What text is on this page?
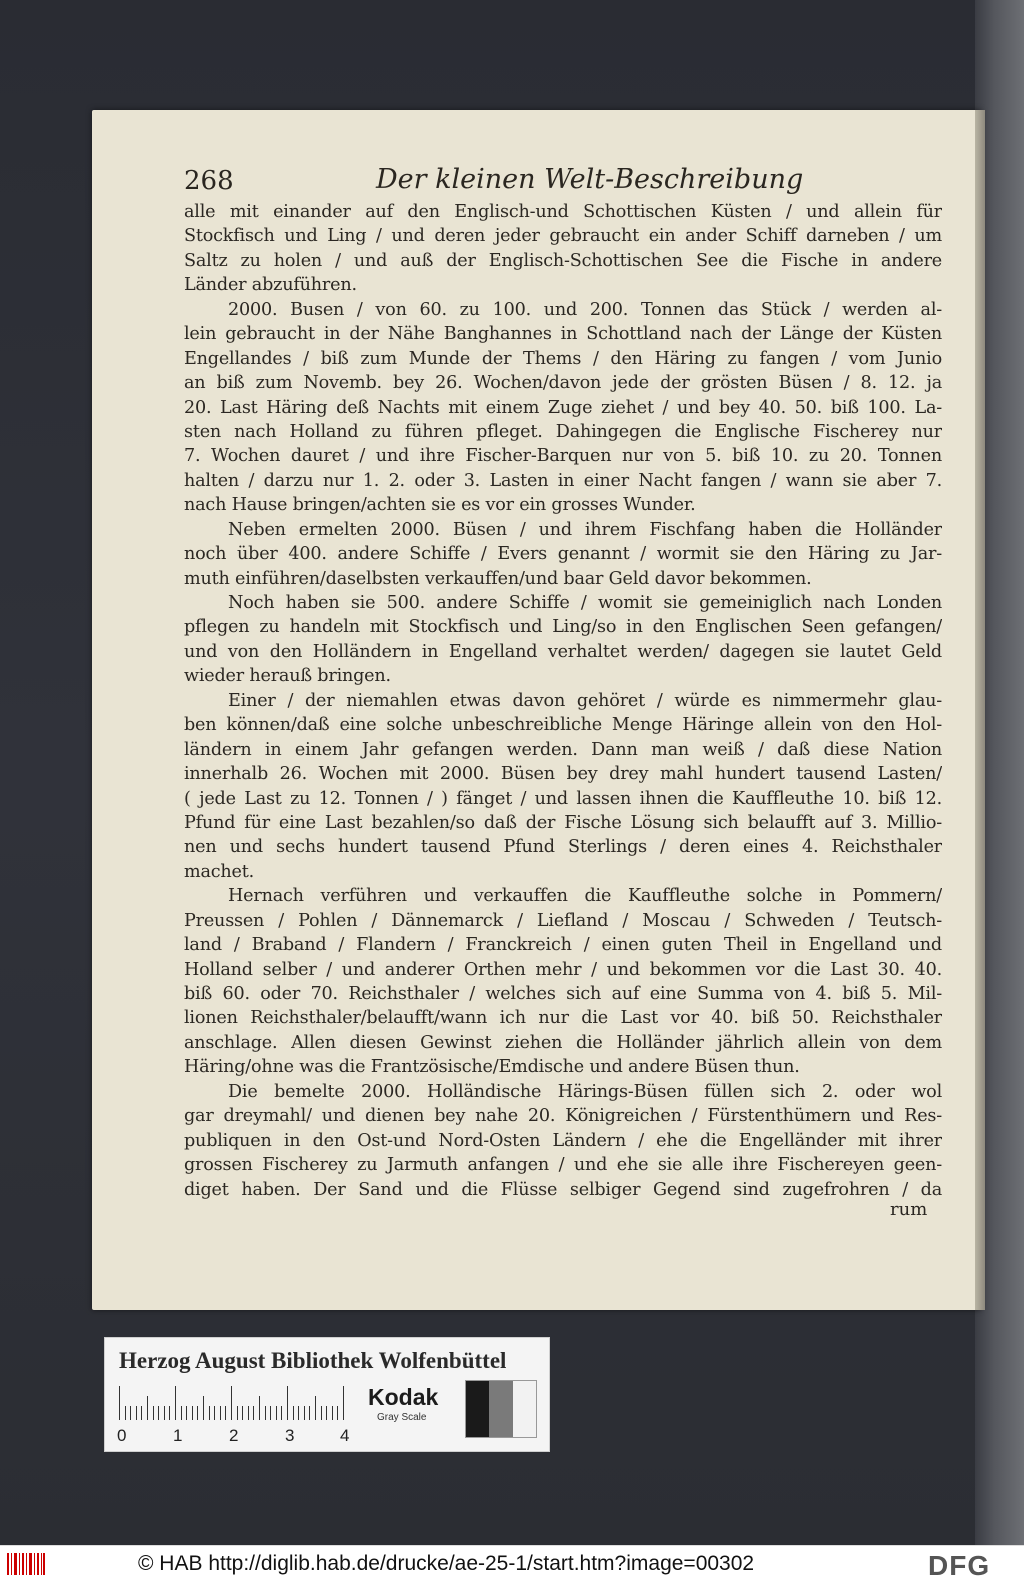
268	Der kleinen Welt-Beschreibung
alle mit einander auf den Englisch-und Schottischen Küsten / und allein für
Stockfisch und Ling / und deren jeder gebraucht ein ander Schiff darneben / um
Saltz zu holen / und auß der Englisch-Schottischen See die Fische in andere
Länder abzuführen.
2000. Busen / von 60. zu 100. und 200. Tonnen das Stück / werden al-
lein gebraucht in der Nähe Banghannes in Schottland nach der Länge der Küsten
Engellandes / biß zum Munde der Thems / den Häring zu fangen / vom Junio
an biß zum Novemb. bey 26. Wochen/davon jede der grösten Büsen / 8. 12. ja
20. Last Häring deß Nachts mit einem Zuge ziehet / und bey 40. 50. biß 100. La-
sten nach Holland zu führen pfleget. Dahingegen die Englische Fischerey nur
7. Wochen dauret / und ihre Fischer-Barquen nur von 5. biß 10. zu 20. Tonnen
halten / darzu nur 1. 2. oder 3. Lasten in einer Nacht fangen / wann sie aber 7.
nach Hause bringen/achten sie es vor ein grosses Wunder.
Neben ermelten 2000. Büsen / und ihrem Fischfang haben die Holländer
noch über 400. andere Schiffe / Evers genannt / wormit sie den Häring zu Jar-
muth einführen/daselbsten verkauffen/und baar Geld davor bekommen.
Noch haben sie 500. andere Schiffe / womit sie gemeiniglich nach Londen
pflegen zu handeln mit Stockfisch und Ling/so in den Englischen Seen gefangen/
und von den Holländern in Engelland verhaltet werden/ dagegen sie lautet Geld
wieder herauß bringen.
Einer / der niemahlen etwas davon gehöret / würde es nimmermehr glau-
ben können/daß eine solche unbeschreibliche Menge Häringe allein von den Hol-
ländern in einem Jahr gefangen werden. Dann man weiß / daß diese Nation
innerhalb 26. Wochen mit 2000. Büsen bey drey mahl hundert tausend Lasten/
( jede Last zu 12. Tonnen / ) fänget / und lassen ihnen die Kauffleuthe 10. biß 12.
Pfund für eine Last bezahlen/so daß der Fische Lösung sich belaufft auf 3. Millio-
nen und sechs hundert tausend Pfund Sterlings / deren eines 4. Reichsthaler
machet.
Hernach verführen und verkauffen die Kauffleuthe solche in Pommern/
Preussen / Pohlen / Dännemarck / Liefland / Moscau / Schweden / Teutsch-
land / Braband / Flandern / Franckreich / einen guten Theil in Engelland und
Holland selber / und anderer Orthen mehr / und bekommen vor die Last 30. 40.
biß 60. oder 70. Reichsthaler / welches sich auf eine Summa von 4. biß 5. Mil-
lionen Reichsthaler/belaufft/wann ich nur die Last vor 40. biß 50. Reichsthaler
anschlage. Allen diesen Gewinst ziehen die Holländer jährlich allein von dem
Häring/ohne was die Frantzösische/Emdische und andere Büsen thun.
Die bemelte 2000. Holländische Härings-Büsen füllen sich 2. oder wol
gar dreymahl/ und dienen bey nahe 20. Königreichen / Fürstenthümern und Res-
publiquen in den Ost-und Nord-Osten Ländern / ehe die Engelländer mit ihrer
grossen Fischerey zu Jarmuth anfangen / und ehe sie alle ihre Fischereyen geen-
diget haben. Der Sand und die Flüsse selbiger Gegend sind zugefrohren / da
rum
Herzog August Bibliothek Wolfenbüttel
0	1	2	3	4
Kodak
Gray Scale
© HAB http://diglib.hab.de/drucke/ae-25-1/start.htm?image=00302	DFG
